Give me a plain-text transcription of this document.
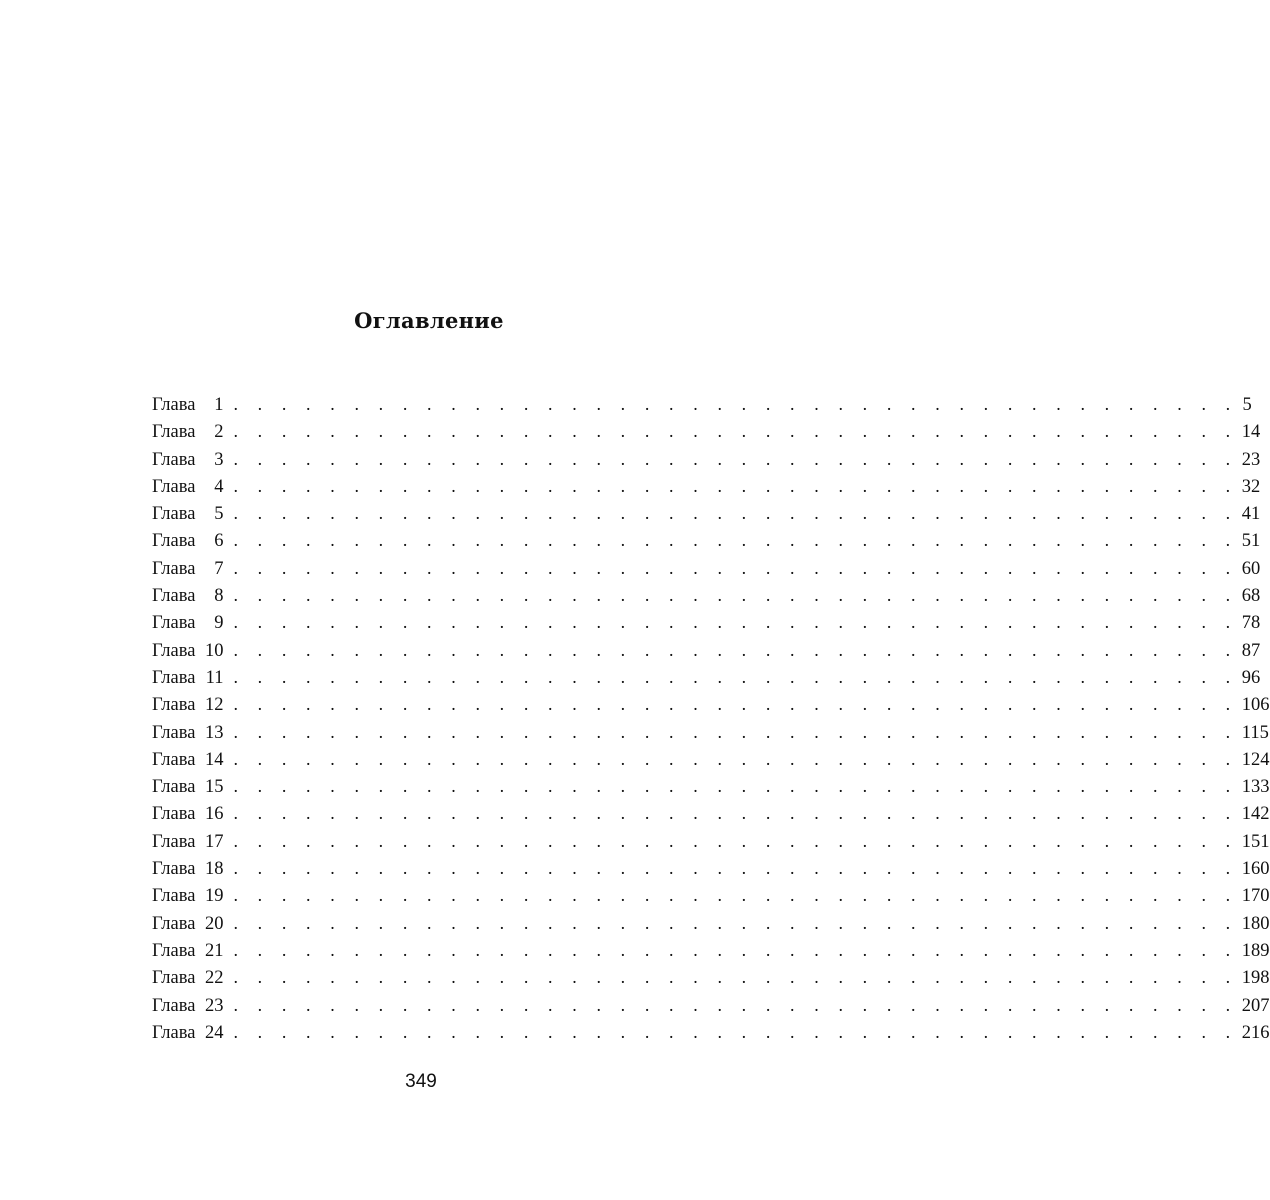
Оглавление
Глава	1 . . . . . . . . . . . . . . . . . . . . . . . . . . . . . . . . . . . . . . . . . . 5
Глава	2 . . . . . . . . . . . . . . . . . . . . . . . . . . . . . . . . . . . . . . . . . . 14
Глава	3 . . . . . . . . . . . . . . . . . . . . . . . . . . . . . . . . . . . . . . . . . . 23
Глава	4 . . . . . . . . . . . . . . . . . . . . . . . . . . . . . . . . . . . . . . . . . . 32
Глава	5 . . . . . . . . . . . . . . . . . . . . . . . . . . . . . . . . . . . . . . . . . . 41
Глава	6 . . . . . . . . . . . . . . . . . . . . . . . . . . . . . . . . . . . . . . . . . . 51
Глава	7 . . . . . . . . . . . . . . . . . . . . . . . . . . . . . . . . . . . . . . . . . . 60
Глава	8 . . . . . . . . . . . . . . . . . . . . . . . . . . . . . . . . . . . . . . . . . . 68
Глава	9 . . . . . . . . . . . . . . . . . . . . . . . . . . . . . . . . . . . . . . . . . . 78
Глава 10 . . . . . . . . . . . . . . . . . . . . . . . . . . . . . . . . . . . . . . . . . . 87
Глава 11 . . . . . . . . . . . . . . . . . . . . . . . . . . . . . . . . . . . . . . . . . . 96
Глава 12 . . . . . . . . . . . . . . . . . . . . . . . . . . . . . . . . . . . . . . . . . . 106
Глава 13 . . . . . . . . . . . . . . . . . . . . . . . . . . . . . . . . . . . . . . . . . . 115
Глава 14 . . . . . . . . . . . . . . . . . . . . . . . . . . . . . . . . . . . . . . . . . . 124
Глава 15 . . . . . . . . . . . . . . . . . . . . . . . . . . . . . . . . . . . . . . . . . . 133
Глава 16 . . . . . . . . . . . . . . . . . . . . . . . . . . . . . . . . . . . . . . . . . . 142
Глава 17 . . . . . . . . . . . . . . . . . . . . . . . . . . . . . . . . . . . . . . . . . . 151
Глава 18 . . . . . . . . . . . . . . . . . . . . . . . . . . . . . . . . . . . . . . . . . . 160
Глава 19 . . . . . . . . . . . . . . . . . . . . . . . . . . . . . . . . . . . . . . . . . . 170
Глава 20 . . . . . . . . . . . . . . . . . . . . . . . . . . . . . . . . . . . . . . . . . . 180
Глава 21 . . . . . . . . . . . . . . . . . . . . . . . . . . . . . . . . . . . . . . . . . . 189
Глава 22 . . . . . . . . . . . . . . . . . . . . . . . . . . . . . . . . . . . . . . . . . . 198
Глава 23 . . . . . . . . . . . . . . . . . . . . . . . . . . . . . . . . . . . . . . . . . . 207
Глава 24 . . . . . . . . . . . . . . . . . . . . . . . . . . . . . . . . . . . . . . . . . . 216
349
